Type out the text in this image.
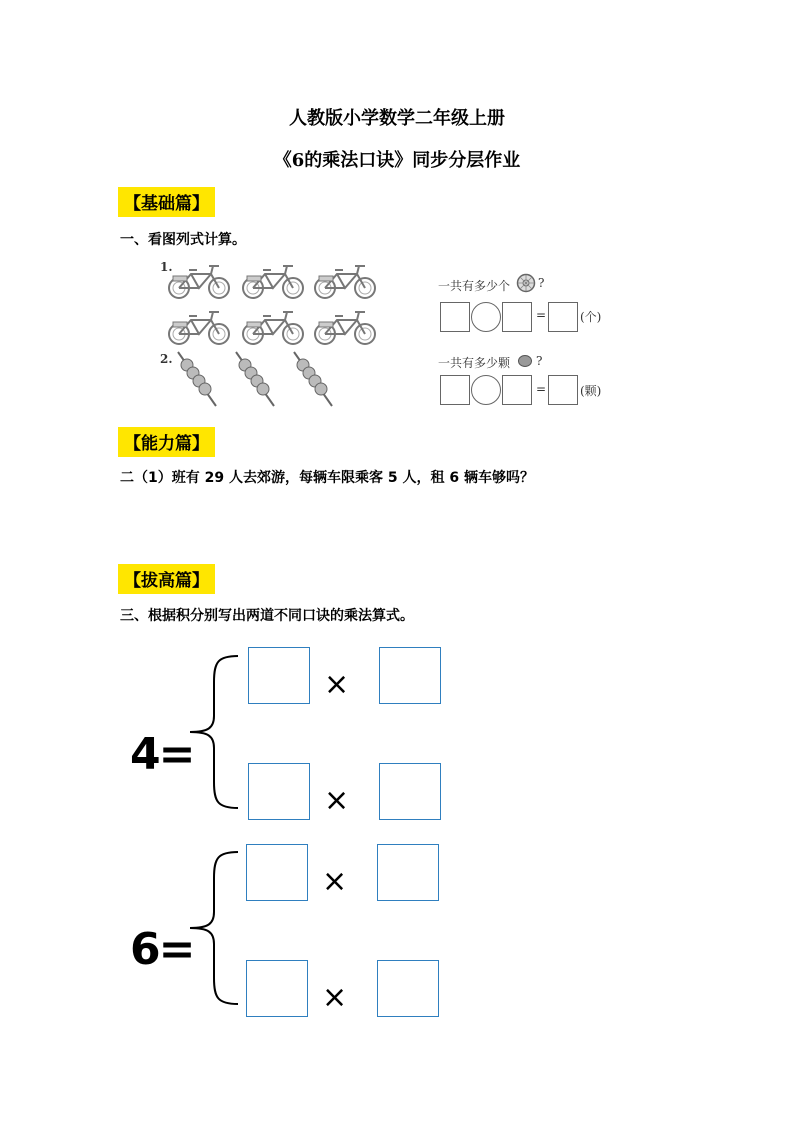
人教版小学数学二年级上册
《6的乘法口诀》同步分层作业
【基础篇】
一、看图列式计算。
1.
2.
一共有多少个 ?
=	(个)
一共有多少颗 ?
=	(颗)
【能力篇】
二（1）班有 29 人去郊游，每辆车限乘客 5 人，租 6 辆车够吗？
【拔高篇】
三、根据积分别写出两道不同口诀的乘法算式。
4=
×
×
6=
×
×
